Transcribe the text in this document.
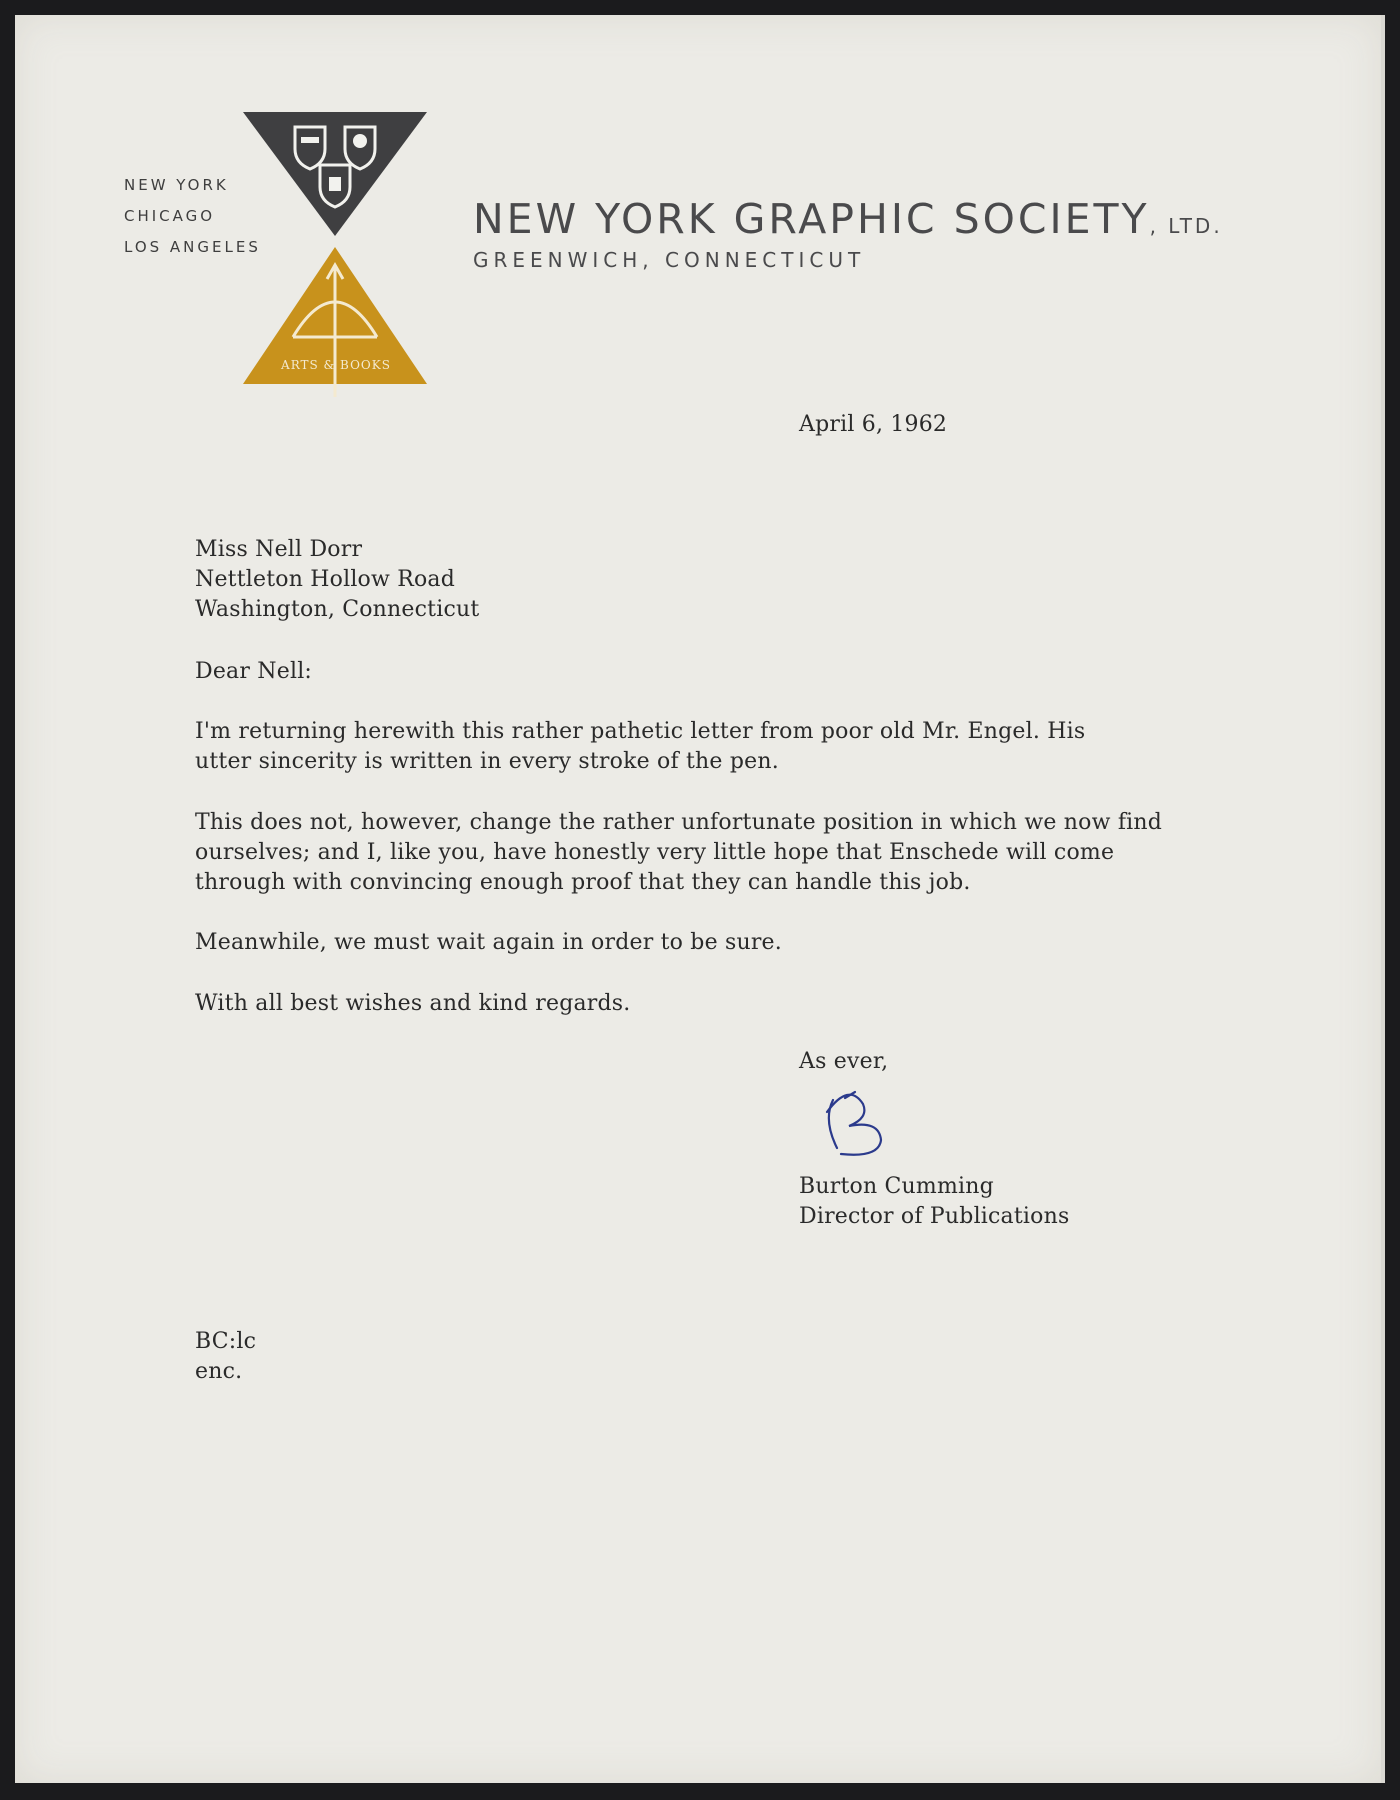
NEW YORK
CHICAGO
LOS ANGELES
ARTS & BOOKS
NEW YORK GRAPHIC SOCIETY, LTD.
GREENWICH, CONNECTICUT
April 6, 1962
Miss Nell Dorr
Nettleton Hollow Road
Washington, Connecticut
Dear Nell:
I'm returning herewith this rather pathetic letter from poor old Mr. Engel. His
utter sincerity is written in every stroke of the pen.
This does not, however, change the rather unfortunate position in which we now find
ourselves; and I, like you, have honestly very little hope that Enschede will come
through with convincing enough proof that they can handle this job.
Meanwhile, we must wait again in order to be sure.
With all best wishes and kind regards.
As ever,
Burton Cumming
Director of Publications
BC:lc
enc.
